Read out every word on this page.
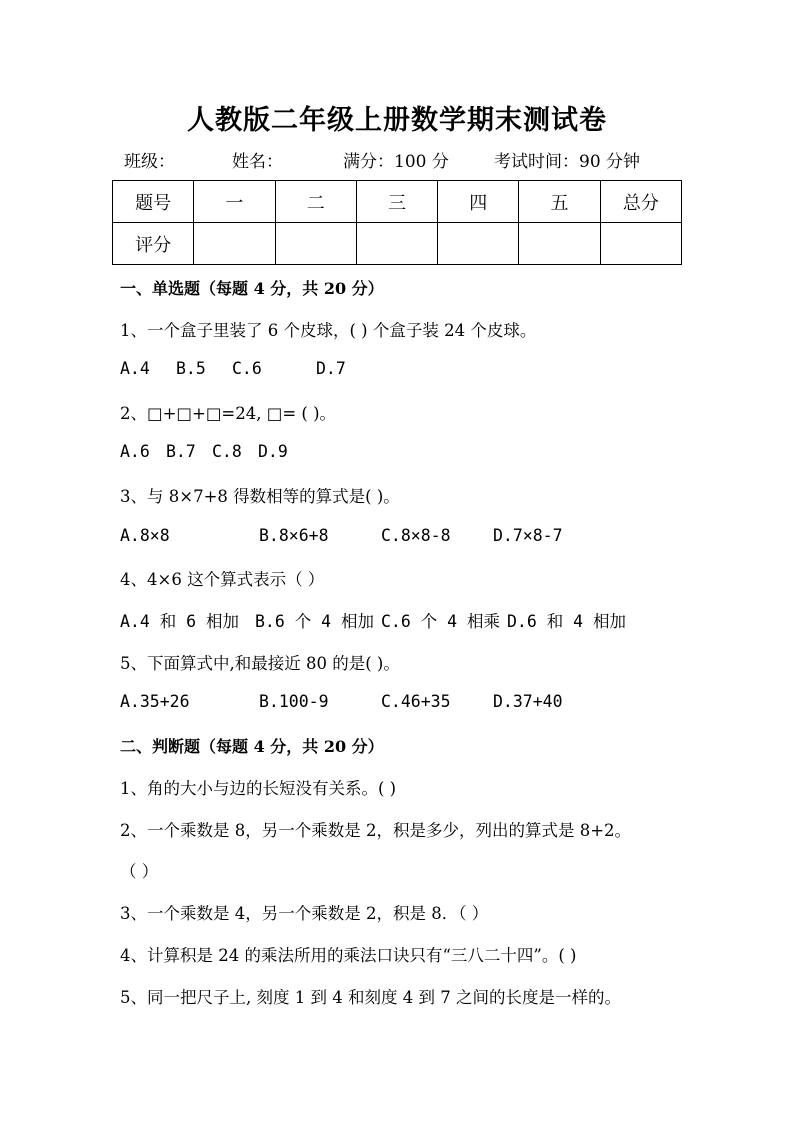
人教版二年级上册数学期末测试卷
班级：	姓名：	满分：100 分	考试时间：90 分钟
题号	一	二	三	四	五	总分
评分						
一、单选题（每题 4 分，共 20 分）
1、一个盒子里装了 6 个皮球，( ) 个盒子装 24 个皮球。
A.4 B.5 C.6	D.7
2、□+□+□=24, □= ( )。
A.6 B.7 C.8 D.9
3、与 8×7+8 得数相等的算式是( )。
A.8×8	B.8×6+8	C.8×8-8	D.7×8-7
4、4×6 这个算式表示（ ）
A.4 和 6 相加 B.6 个 4 相加 C.6 个 4 相乘 D.6 和 4 相加
5、下面算式中,和最接近 80 的是( )。
A.35+26	B.100-9	C.46+35	D.37+40
二、判断题（每题 4 分，共 20 分）
1、角的大小与边的长短没有关系。( )
2、一个乘数是 8，另一个乘数是 2，积是多少，列出的算式是 8+2。
（ ）
3、一个乘数是 4，另一个乘数是 2，积是 8．（ ）
4、计算积是 24 的乘法所用的乘法口诀只有“三八二十四”。( )
5、同一把尺子上, 刻度 1 到 4 和刻度 4 到 7 之间的长度是一样的。
